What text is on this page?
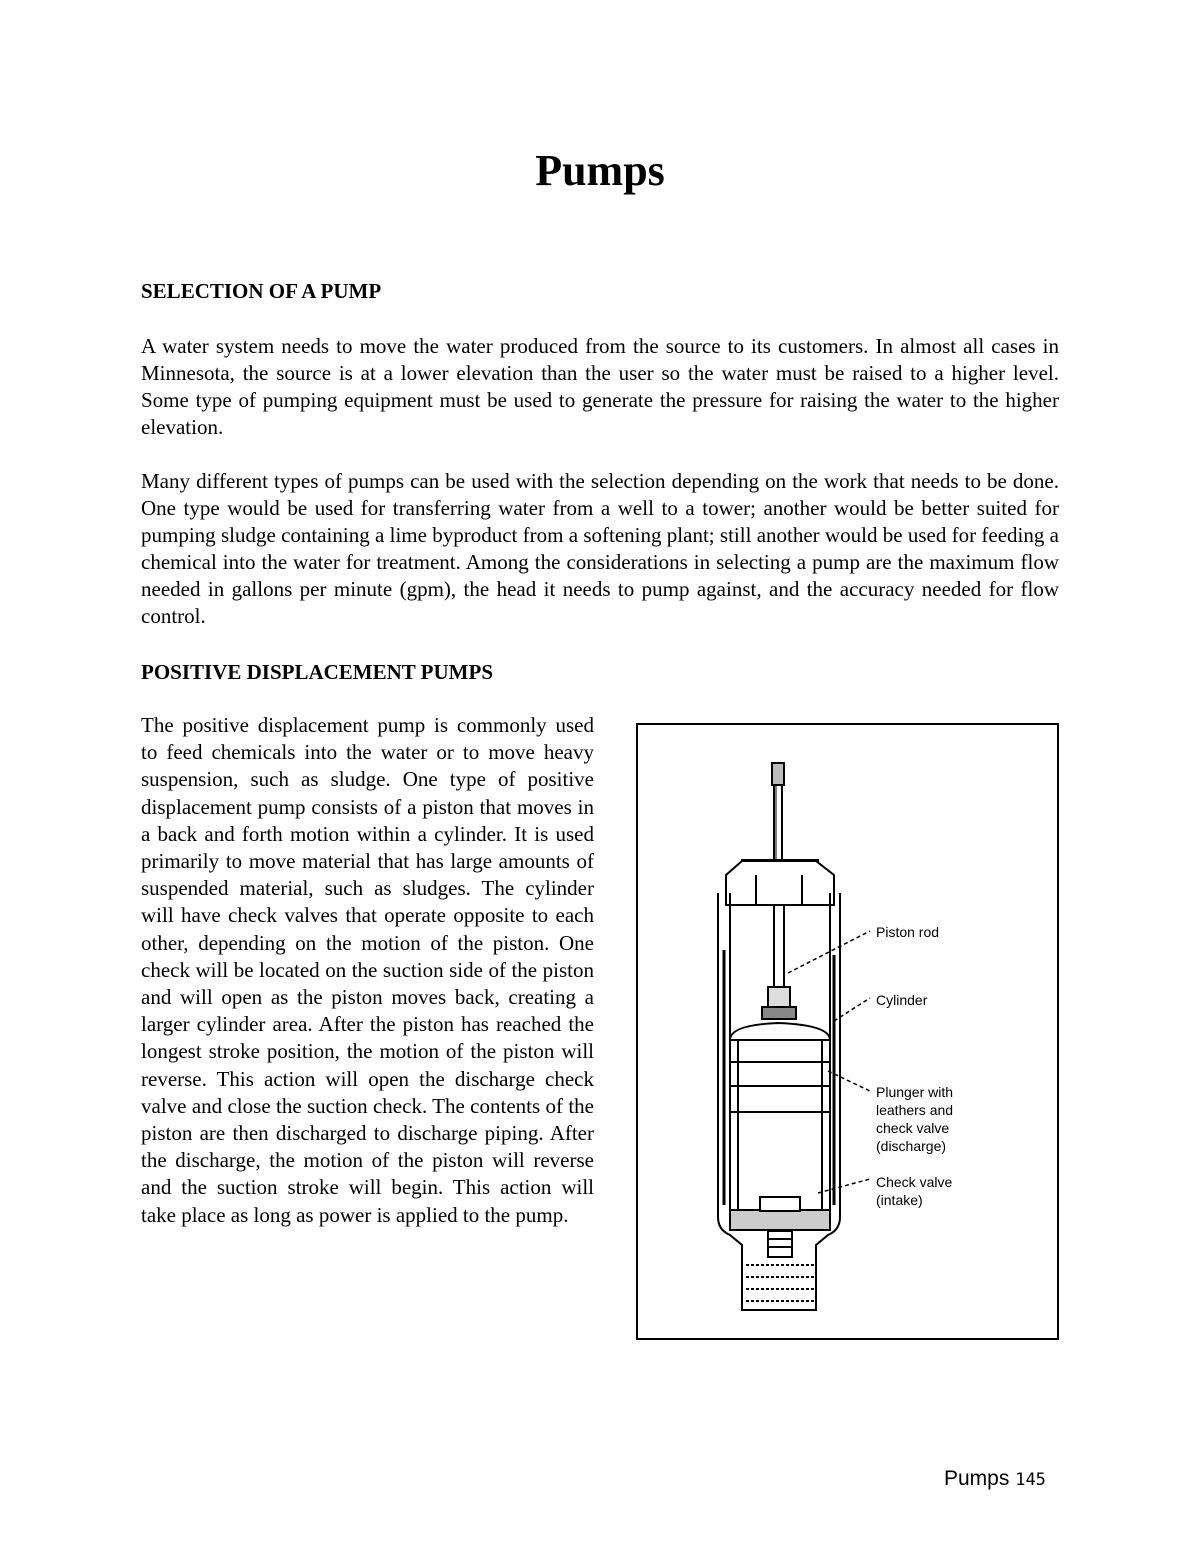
Pumps
SELECTION OF A PUMP

A water system needs to move the water produced from the source to its customers. In almost all cases in Minnesota, the source is at a lower elevation than the user so the water must be raised to a higher level. Some type of pumping equipment must be used to generate the pressure for raising the water to the higher elevation.

Many different types of pumps can be used with the selection depending on the work that needs to be done. One type would be used for transferring water from a well to a tower; another would be better suited for pumping sludge containing a lime byproduct from a softening plant; still another would be used for feeding a chemical into the water for treatment. Among the considerations in selecting a pump are the maximum flow needed in gallons per minute (gpm), the head it needs to pump against, and the accuracy needed for flow control.

POSITIVE DISPLACEMENT PUMPS

The positive displacement pump is commonly used to feed chemicals into the water or to move heavy suspension, such as sludge. One type of positive displacement pump consists of a piston that moves in a back and forth motion within a cylinder. It is used primarily to move material that has large amounts of suspended material, such as sludges. The cylinder will have check valves that operate opposite to each other, depending on the motion of the piston. One check will be located on the suction side of the piston and will open as the piston moves back, creating a larger cylinder area. After the piston has reached the longest stroke position, the motion of the piston will reverse. This action will open the discharge check valve and close the suction check. The contents of the piston are then discharged to discharge piping. After the discharge, the motion of the piston will reverse and the suction stroke will begin. This action will take place as long as power is applied to the pump.

Piston rod
Cylinder
Plunger with
leathers and
check valve
(discharge)
Check valve
(intake)
Pumps 145
